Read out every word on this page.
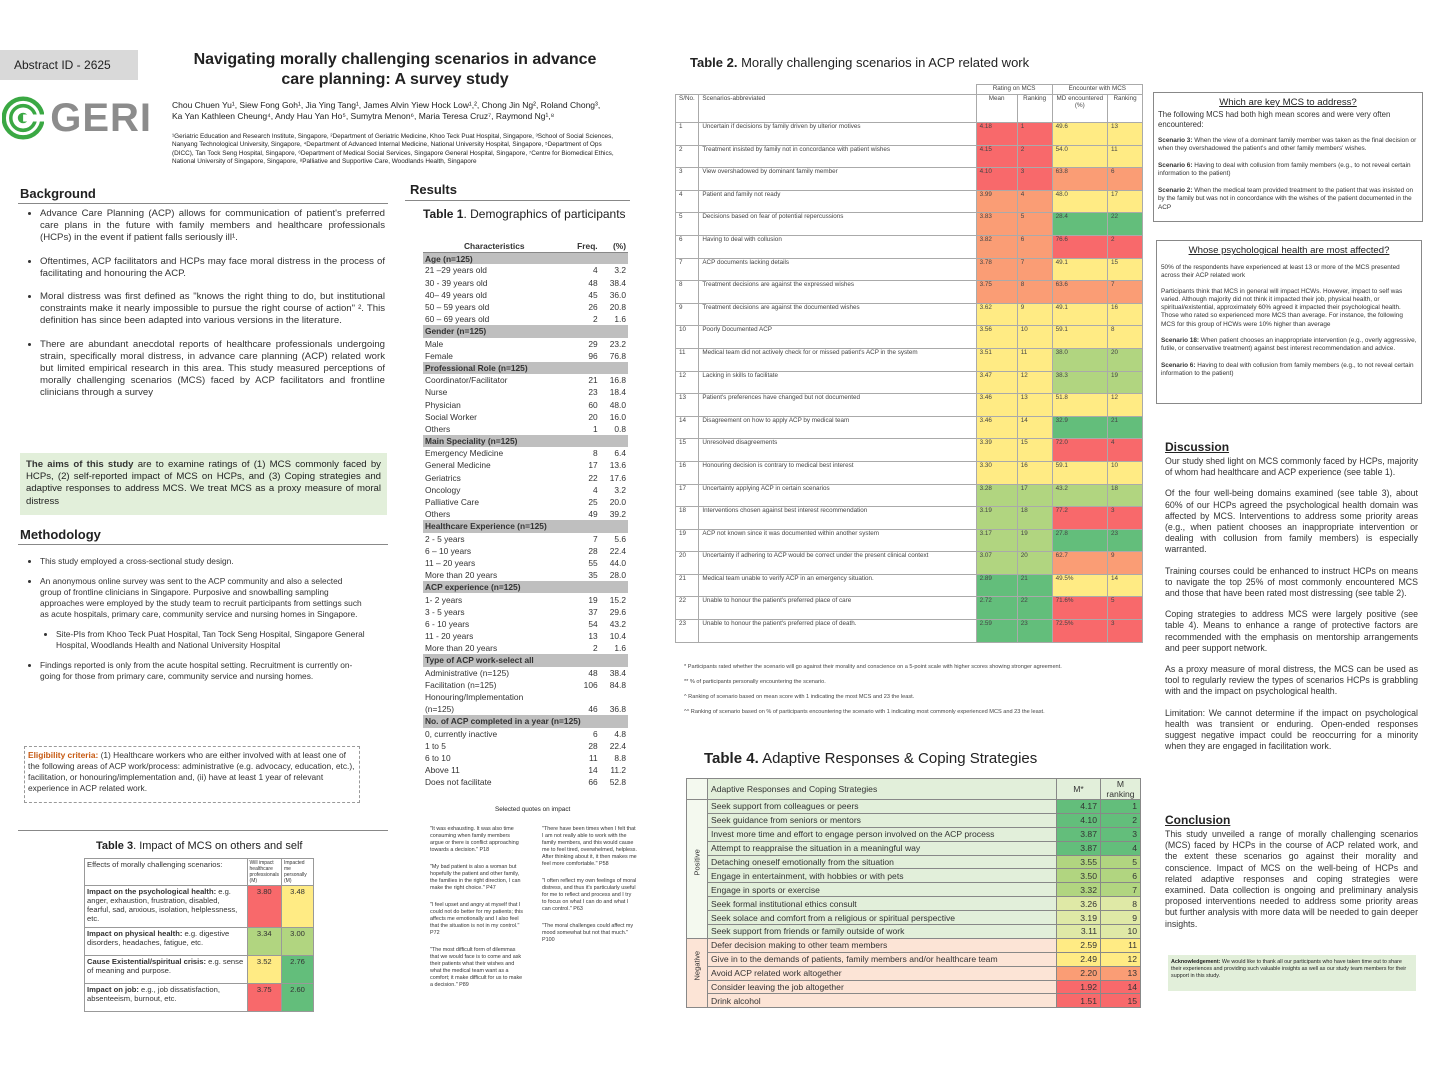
Abstract ID - 2625
GERI
Navigating morally challenging scenarios in advance care planning: A survey study
Chou Chuen Yu¹, Siew Fong Goh¹, Jia Ying Tang¹, James Alvin Yiew Hock Low¹,², Chong Jin Ng², Roland Chong³, Ka Yan Kathleen Cheung⁴, Andy Hau Yan Ho⁵, Sumytra Menon⁶, Maria Teresa Cruz⁷, Raymond Ng¹,⁸
¹Geriatric Education and Research Institute, Singapore, ²Department of Geriatric Medicine, Khoo Teck Puat Hospital, Singapore, ³School of Social Sciences, Nanyang Technological University, Singapore, ⁴Department of Advanced Internal Medicine, National University Hospital, Singapore, ⁵Department of Ops (DICC), Tan Tock Seng Hospital, Singapore, ⁶Department of Medical Social Services, Singapore General Hospital, Singapore, ⁷Centre for Biomedical Ethics, National University of Singapore, Singapore, ⁸Palliative and Supportive Care, Woodlands Health, Singapore
Background
• Advance Care Planning (ACP) allows for communication of patient's preferred care plans in the future with family members and healthcare professionals (HCPs) in the event if patient falls seriously ill¹.
• Oftentimes, ACP facilitators and HCPs may face moral distress in the process of facilitating and honouring the ACP.
• Moral distress was first defined as "knows the right thing to do, but institutional constraints make it nearly impossible to pursue the right course of action" ². This definition has since been adapted into various versions in the literature.
• There are abundant anecdotal reports of healthcare professionals undergoing strain, specifically moral distress, in advance care planning (ACP) related work but limited empirical research in this area. This study measured perceptions of morally challenging scenarios (MCS) faced by ACP facilitators and frontline clinicians through a survey
The aims of this study are to examine ratings of (1) MCS commonly faced by HCPs, (2) self-reported impact of MCS on HCPs, and (3) Coping strategies and adaptive responses to address MCS. We treat MCS as a proxy measure of moral distress
Methodology
• This study employed a cross-sectional study design.
• An anonymous online survey was sent to the ACP community and also a selected group of frontline clinicians in Singapore. Purposive and snowballing sampling approaches were employed by the study team to recruit participants from settings such as acute hospitals, primary care, community service and nursing homes in Singapore.
• Site-PIs from Khoo Teck Puat Hospital, Tan Tock Seng Hospital, Singapore General Hospital, Woodlands Health and National University Hospital
• Findings reported is only from the acute hospital setting. Recruitment is currently on-going for those from primary care, community service and nursing homes.
Eligibility criteria: (1) Healthcare workers who are either involved with at least one of the following areas of ACP work/process: administrative (e.g. advocacy, education, etc.), facilitation, or honouring/implementation and, (ii) have at least 1 year of relevant experience in ACP related work.
Table 3. Impact of MCS on others and self
Effects of morally challenging scenarios:	Will impact healthcare professionals (M)	Impacted me personally (M)
Impact on the psychological health: e.g. anger, exhaustion, frustration, disabled, fearful, sad, anxious, isolation, helplessness, etc.	3.80	3.48
Impact on physical health: e.g. digestive disorders, headaches, fatigue, etc.	3.34	3.00
Cause Existential/spiritual crisis: e.g. sense of meaning and purpose.	3.52	2.76
Impact on job: e.g., job dissatisfaction, absenteeism, burnout, etc.	3.75	2.60
Results
Table 1. Demographics of participants
Characteristics	Freq.	(%)
Age (n=125)		
21 –29 years old	4	3.2
30 - 39 years old	48	38.4
40– 49 years old	45	36.0
50 – 59 years old	26	20.8
60 – 69 years old	2	1.6
Gender (n=125)		
Male	29	23.2
Female	96	76.8
Professional Role (n=125)		
Coordinator/Facilitator	21	16.8
Nurse	23	18.4
Physician	60	48.0
Social Worker	20	16.0
Others	1	0.8
Main Speciality (n=125)		
Emergency Medicine	8	6.4
General Medicine	17	13.6
Geriatrics	22	17.6
Oncology	4	3.2
Palliative Care	25	20.0
Others	49	39.2
Healthcare Experience (n=125)		
2 - 5 years	7	5.6
6 – 10 years	28	22.4
11 – 20 years	55	44.0
More than 20 years	35	28.0
ACP experience (n=125)		
1- 2 years	19	15.2
3 - 5 years	37	29.6
6 - 10 years	54	43.2
11 - 20 years	13	10.4
More than 20 years	2	1.6
Type of ACP work-select all		
Administrative (n=125)	48	38.4
Facilitation (n=125)	106	84.8
Honouring/Implementation		
(n=125)	46	36.8
No. of ACP completed in a year (n=125)		
0, currently inactive	6	4.8
1 to 5	28	22.4
6 to 10	11	8.8
Above 11	14	11.2
Does not facilitate	66	52.8
Selected quotes on impact
"It was exhausting. It was also time consuming when family members argue or there is conflict approaching towards a decision." P18
"My bad patient is also a woman but hopefully the patient and other family, the families in the right direction, I can make the right choice." P47
"I feel upset and angry at myself that I could not do better for my patients; this affects me emotionally and I also feel that the situation is not in my control." P72
"The most difficult form of dilemmas that we would face is to come and ask their patients what their wishes and what the medical team want as a comfort; it make difficult for us to make a decision." P89
"There have been times when I felt that I am not really able to work with the family members, and this would cause me to feel tired, overwhelmed, helpless. After thinking about it, it then makes me feel more comfortable." P58
"I often reflect my own feelings of moral distress, and thus it's particularly useful for me to reflect and process and I try to focus on what I can do and what I can control." P63
"The moral challenges could affect my mood somewhat but not that much." P100
Table 2. Morally challenging scenarios in ACP related work
		Rating on MCS		Encounter with MCS	
S/No.	Scenarios-abbreviated	Mean	Ranking	MD encountered (%)	Ranking
1	Uncertain if decisions by family driven by ulterior motives	4.18	1	49.6	13
2	Treatment insisted by family not in concordance with patient wishes	4.15	2	54.0	11
3	View overshadowed by dominant family member	4.10	3	63.8	6
4	Patient and family not ready	3.99	4	48.0	17
5	Decisions based on fear of potential repercussions	3.83	5	28.4	22
6	Having to deal with collusion	3.82	6	76.6	2
7	ACP documents lacking details	3.78	7	49.1	15
8	Treatment decisions are against the expressed wishes	3.75	8	63.6	7
9	Treatment decisions are against the documented wishes	3.62	9	49.1	16
10	Poorly Documented ACP	3.56	10	59.1	8
11	Medical team did not actively check for or missed patient's ACP in the system	3.51	11	38.0	20
12	Lacking in skills to facilitate	3.47	12	38.3	19
13	Patient's preferences have changed but not documented	3.46	13	51.8	12
14	Disagreement on how to apply ACP by medical team	3.46	14	32.9	21
15	Unresolved disagreements	3.39	15	72.0	4
16	Honouring decision is contrary to medical best interest	3.30	16	59.1	10
17	Uncertainty applying ACP in certain scenarios	3.28	17	43.2	18
18	Interventions chosen against best interest recommendation	3.19	18	77.2	3
19	ACP not known since it was documented within another system	3.17	19	27.8	23
20	Uncertainty if adhering to ACP would be correct under the present clinical context	3.07	20	62.7	9
21	Medical team unable to verify ACP in an emergency situation.	2.89	21	49.5%	14
22	Unable to honour the patient's preferred place of care	2.72	22	71.6%	5
23	Unable to honour the patient's preferred place of death.	2.59	23	72.5%	3
* Participants rated whether the scenario will go against their morality and conscience on a 5-point scale with higher scores showing stronger agreement.
** % of participants personally encountering the scenario.
^ Ranking of scenario based on mean score with 1 indicating the most MCS and 23 the least.
^^ Ranking of scenario based on % of participants encountering the scenario with 1 indicating most commonly experienced MCS and 23 the least.
Table 4. Adaptive Responses & Coping Strategies
	Adaptive Responses and Coping Strategies	M*	M ranking

Positive	Seek support from colleagues or peers	4.17	1
	Seek guidance from seniors or mentors	4.10	2
	Invest more time and effort to engage person involved on the ACP process	3.87	3
	Attempt to reappraise the situation in a meaningful way	3.87	4
	Detaching oneself emotionally from the situation	3.55	5
	Engage in entertainment, with hobbies or with pets	3.50	6
	Engage in sports or exercise	3.32	7
	Seek formal institutional ethics consult	3.26	8
	Seek solace and comfort from a religious or spiritual perspective	3.19	9
	Seek support from friends or family outside of work	3.11	10

Negative	Defer decision making to other team members	2.59	11
	Give in to the demands of patients, family members and/or healthcare team	2.49	12
	Avoid ACP related work altogether	2.20	13
	Consider leaving the job altogether	1.92	14
	Drink alcohol	1.51	15
Which are key MCS to address?
The following MCS had both high mean scores and were very often encountered:
Scenario 3: When the view of a dominant family member was taken as the final decision or when they overshadowed the patient's and other family members' wishes.
Scenario 6: Having to deal with collusion from family members (e.g., to not reveal certain information to the patient)
Scenario 2: When the medical team provided treatment to the patient that was insisted on by the family but was not in concordance with the wishes of the patient documented in the ACP
Whose psychological health are most affected?
50% of the respondents have experienced at least 13 or more of the MCS presented across their ACP related work
Participants think that MCS in general will impact HCWs. However, impact to self was varied. Although majority did not think it impacted their job, physical health, or spiritual/existential, approximately 60% agreed it impacted their psychological health. Those who rated so experienced more MCS than average. For instance, the following MCS for this group of HCWs were 10% higher than average
Scenario 18: When patient chooses an inappropriate intervention (e.g., overly aggressive, futile, or conservative treatment) against best interest recommendation and advice.
Scenario 6: Having to deal with collusion from family members (e.g., to not reveal certain information to the patient)
Discussion

Our study shed light on MCS commonly faced by HCPs, majority of whom had healthcare and ACP experience (see table 1).

Of the four well-being domains examined (see table 3), about 60% of our HCPs agreed the psychological health domain was affected by MCS. Interventions to address some priority areas (e.g., when patient chooses an inappropriate intervention or dealing with collusion from family members) is especially warranted.

Training courses could be enhanced to instruct HCPs on means to navigate the top 25% of most commonly encountered MCS and those that have been rated most distressing (see table 2).

Coping strategies to address MCS were largely positive (see table 4). Means to enhance a range of protective factors are recommended with the emphasis on mentorship arrangements and peer support network.

As a proxy measure of moral distress, the MCS can be used as tool to regularly review the types of scenarios HCPs is grabbling with and the impact on psychological health.

Limitation: We cannot determine if the impact on psychological health was transient or enduring. Open-ended responses suggest negative impact could be reoccurring for a minority when they are engaged in facilitation work.

Conclusion
This study unveiled a range of morally challenging scenarios (MCS) faced by HCPs in the course of ACP related work, and the extent these scenarios go against their morality and conscience. Impact of MCS on the well-being of HCPs and related adaptive responses and coping strategies were examined. Data collection is ongoing and preliminary analysis proposed interventions needed to address some priority areas but further analysis with more data will be needed to gain deeper insights.
Acknowledgement: We would like to thank all our participants who have taken time out to share their experiences and providing such valuable insights as well as our study team members for their support in this study.
